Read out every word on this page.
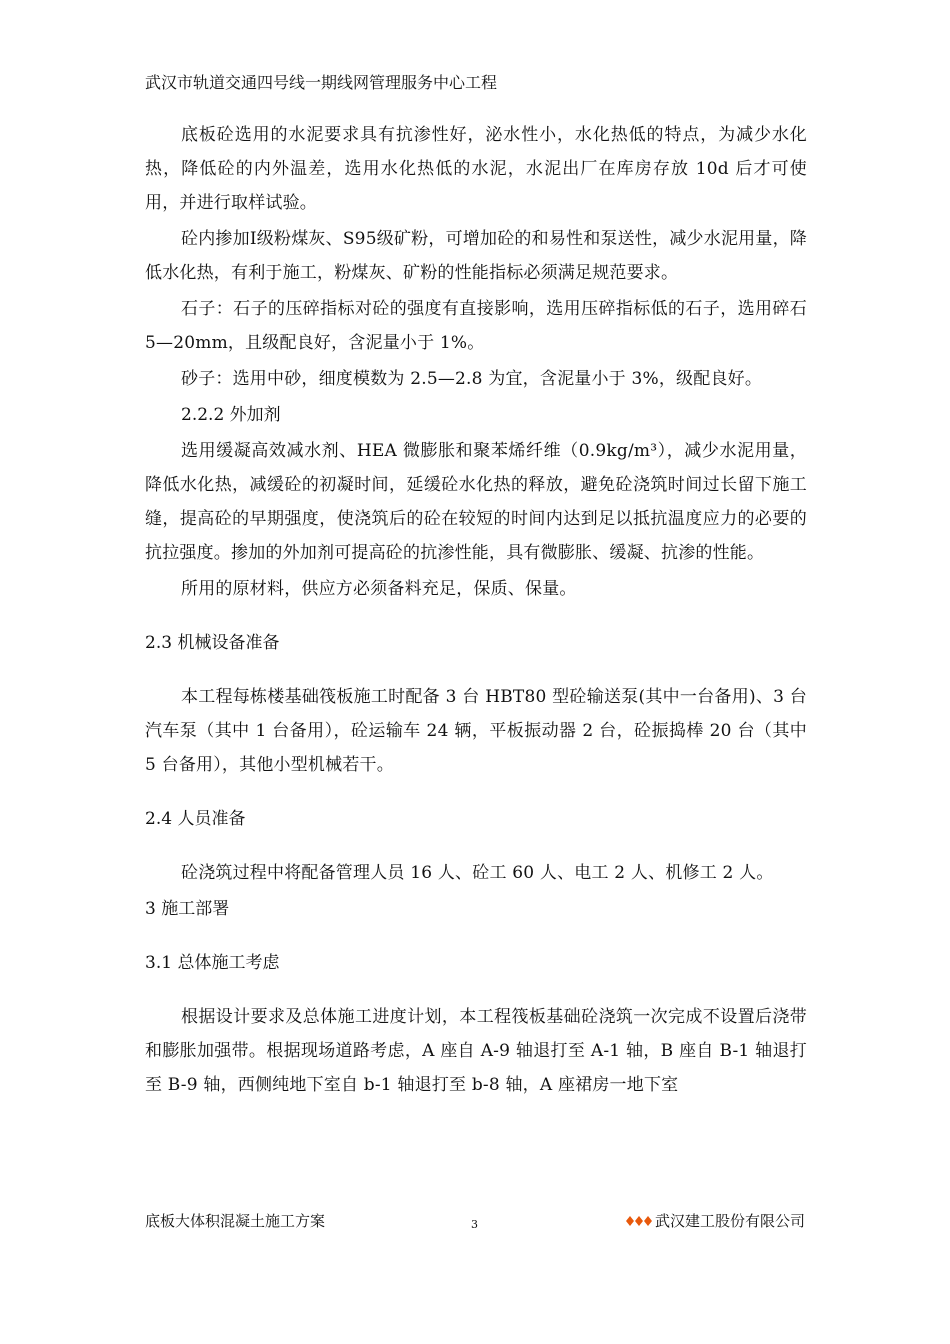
武汉市轨道交通四号线一期线网管理服务中心工程

底板砼选用的水泥要求具有抗渗性好，泌水性小，水化热低的特点，为减少水化热，降低砼的内外温差，选用水化热低的水泥，水泥出厂在库房存放 10d 后才可使用，并进行取样试验。

砼内掺加Ⅰ级粉煤灰、S95级矿粉，可增加砼的和易性和泵送性，减少水泥用量，降低水化热，有利于施工，粉煤灰、矿粉的性能指标必须满足规范要求。

石子：石子的压碎指标对砼的强度有直接影响，选用压碎指标低的石子，选用碎石 5—20mm，且级配良好，含泥量小于 1%。

砂子：选用中砂，细度模数为 2.5—2.8 为宜，含泥量小于 3%，级配良好。

2.2.2 外加剂

选用缓凝高效减水剂、HEA 微膨胀和聚苯烯纤维（0.9kg/m³），减少水泥用量，降低水化热，减缓砼的初凝时间，延缓砼水化热的释放，避免砼浇筑时间过长留下施工缝，提高砼的早期强度，使浇筑后的砼在较短的时间内达到足以抵抗温度应力的必要的抗拉强度。掺加的外加剂可提高砼的抗渗性能，具有微膨胀、缓凝、抗渗的性能。

所用的原材料，供应方必须备料充足，保质、保量。

2.3 机械设备准备

本工程每栋楼基础筏板施工时配备 3 台 HBT80 型砼输送泵(其中一台备用)、3 台汽车泵（其中 1 台备用），砼运输车 24 辆，平板振动器 2 台，砼振捣棒 20 台（其中 5 台备用），其他小型机械若干。

2.4 人员准备

砼浇筑过程中将配备管理人员 16 人、砼工 60 人、电工 2 人、机修工 2 人。

3 施工部署

3.1 总体施工考虑

根据设计要求及总体施工进度计划，本工程筏板基础砼浇筑一次完成不设置后浇带和膨胀加强带。根据现场道路考虑，A 座自 A-9 轴退打至 A-1 轴，B 座自 B-1 轴退打至 B-9 轴，西侧纯地下室自 b-1 轴退打至 b-8 轴，A 座裙房一地下室

底板大体积混凝土施工方案	3	武汉建工股份有限公司
